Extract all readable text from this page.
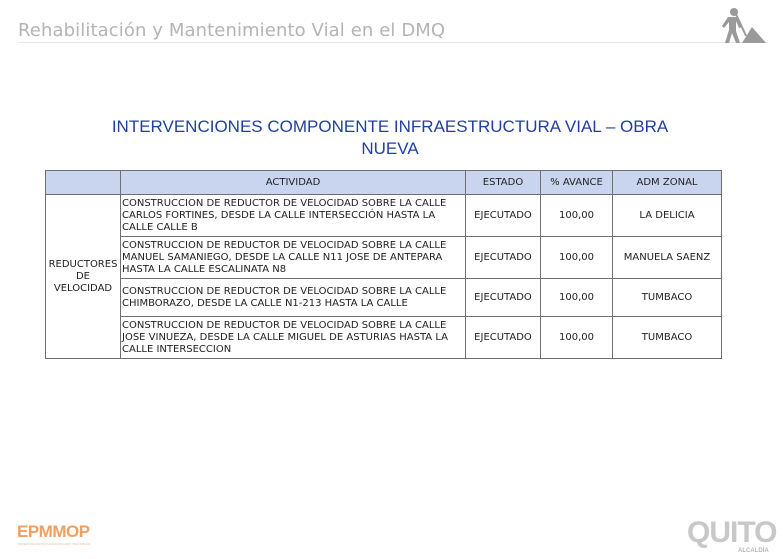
Rehabilitación y Mantenimiento Vial en el DMQ
INTERVENCIONES COMPONENTE INFRAESTRUCTURA VIAL – OBRA
NUEVA
	ACTIVIDAD	ESTADO	% AVANCE	ADM ZONAL

REDUCTORES
DE VELOCIDAD	CONSTRUCCION DE REDUCTOR DE VELOCIDAD SOBRE LA CALLE CARLOS FORTINES, DESDE LA CALLE INTERSECCIÓN HASTA LA CALLE CALLE B	EJECUTADO	100,00	LA DELICIA
	CONSTRUCCION DE REDUCTOR DE VELOCIDAD SOBRE LA CALLE MANUEL SAMANIEGO, DESDE LA CALLE N11 JOSE DE ANTEPARA HASTA LA CALLE ESCALINATA N8	EJECUTADO	100,00	MANUELA SAENZ
	CONSTRUCCION DE REDUCTOR DE VELOCIDAD SOBRE LA CALLE CHIMBORAZO, DESDE LA CALLE N1-213 HASTA LA CALLE	EJECUTADO	100,00	TUMBACO
	CONSTRUCCION DE REDUCTOR DE VELOCIDAD SOBRE LA CALLE JOSE VINUEZA, DESDE LA CALLE MIGUEL DE ASTURIAS HASTA LA CALLE INTERSECCION	EJECUTADO	100,00	TUMBACO
EPMMOP
EMPRESA PÚBLICA METROPOLITANA DE MOVILIDAD Y OBRAS PÚBLICAS	QUITO
ALCALDÍA
